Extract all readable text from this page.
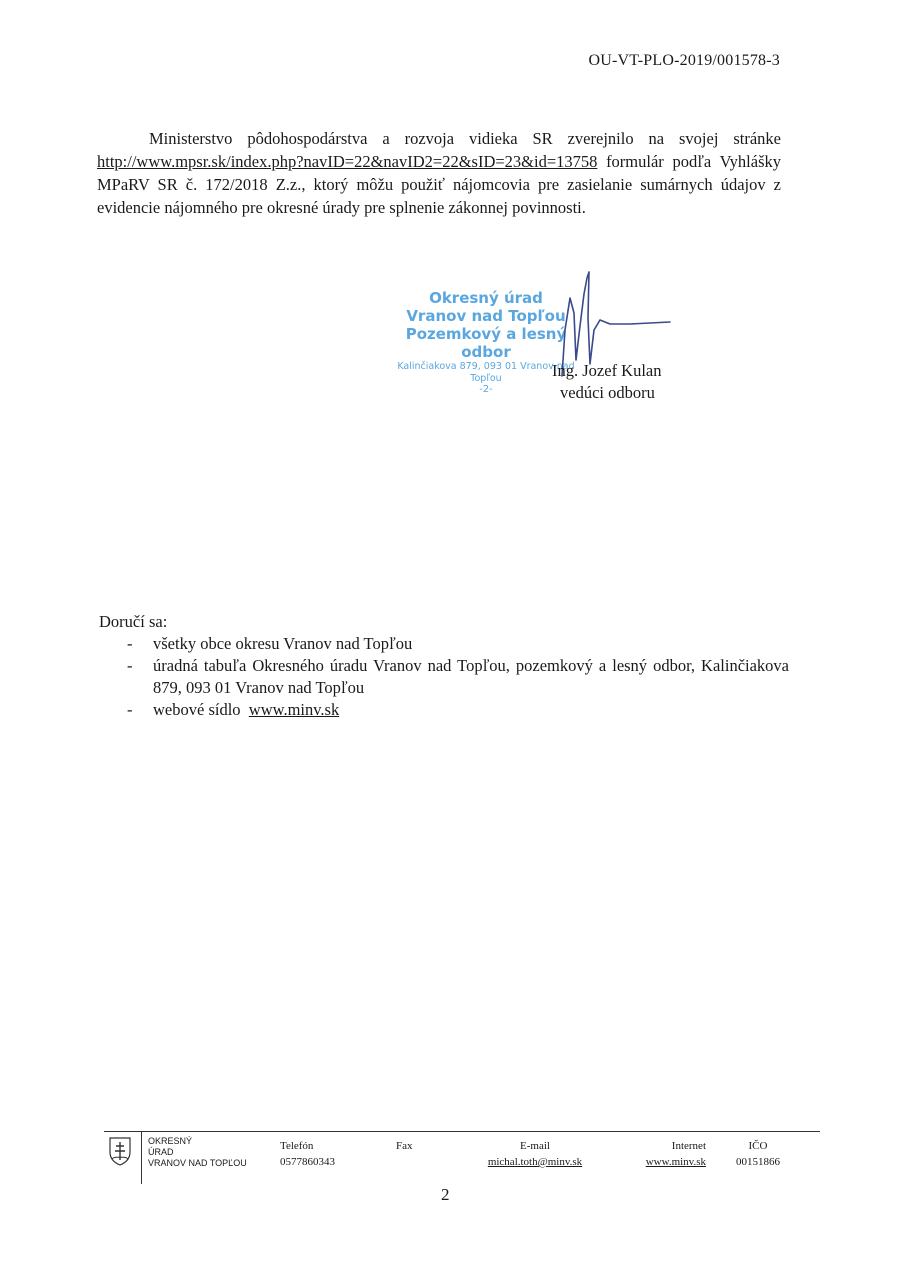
OU-VT-PLO-2019/001578-3
Ministerstvo pôdohospodárstva a rozvoja vidieka SR zverejnilo na svojej stránke http://www.mpsr.sk/index.php?navID=22&navID2=22&sID=23&id=13758 formulár podľa Vyhlášky MPaRV SR č. 172/2018 Z.z., ktorý môžu použiť nájomcovia pre zasielanie sumárnych údajov z evidencie nájomného pre okresné úrady pre splnenie zákonnej povinnosti.
Okresný úrad
Vranov nad Topľou
Pozemkový a lesný odbor
Kalinčiakova 879, 093 01 Vranov nad Topľou
-2-
Ing. Jozef Kulan
vedúci odboru
Doručí sa:
- všetky obce okresu Vranov nad Topľou
- úradná tabuľa Okresného úradu Vranov nad Topľou, pozemkový a lesný odbor, Kalinčiakova 879, 093 01 Vranov nad Topľou
- webové sídlo www.minv.sk
OKRESNÝ
ÚRAD
VRANOV NAD TOPĽOU
Telefón
0577860343
Fax	E-mail
michal.toth@minv.sk
Internet
www.minv.sk
IČO
00151866
2
